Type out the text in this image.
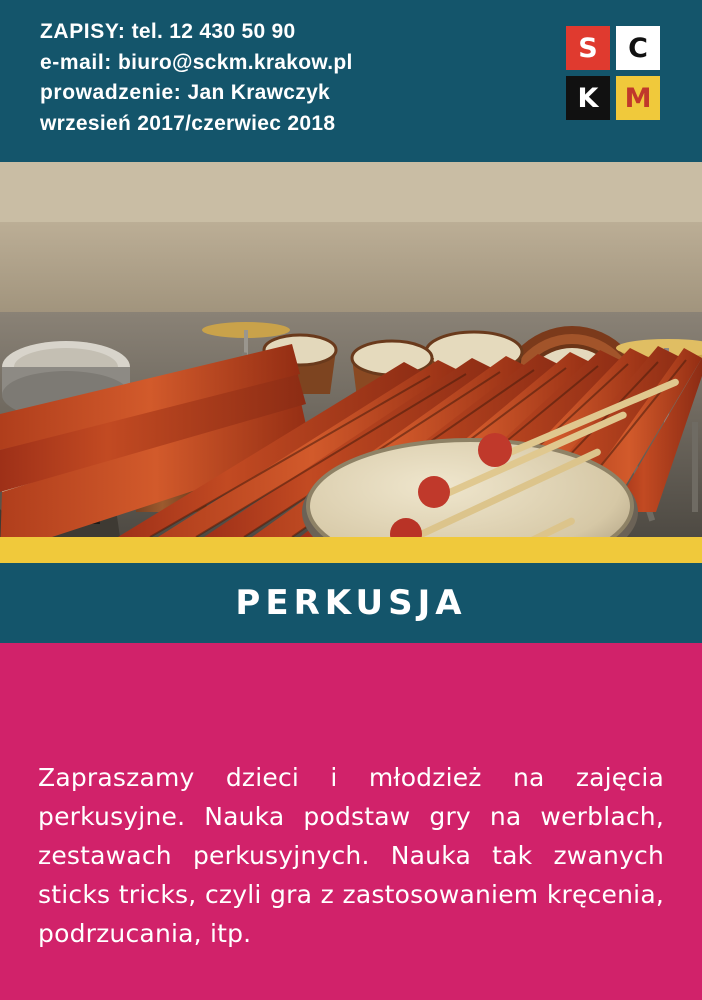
ZAPISY: tel. 12 430 50 90
e-mail: biuro@sckm.krakow.pl
prowadzenie: Jan Krawczyk
wrzesień 2017/czerwiec 2018
S	C
K M
PERKUSJA

Zapraszamy dzieci i młodzież na zajęcia perkusyjne. Nauka podstaw gry na werblach, zestawach perkusyjnych. Nauka tak zwanych sticks tricks, czyli gra z zastosowaniem kręcenia, podrzucania, itp.
